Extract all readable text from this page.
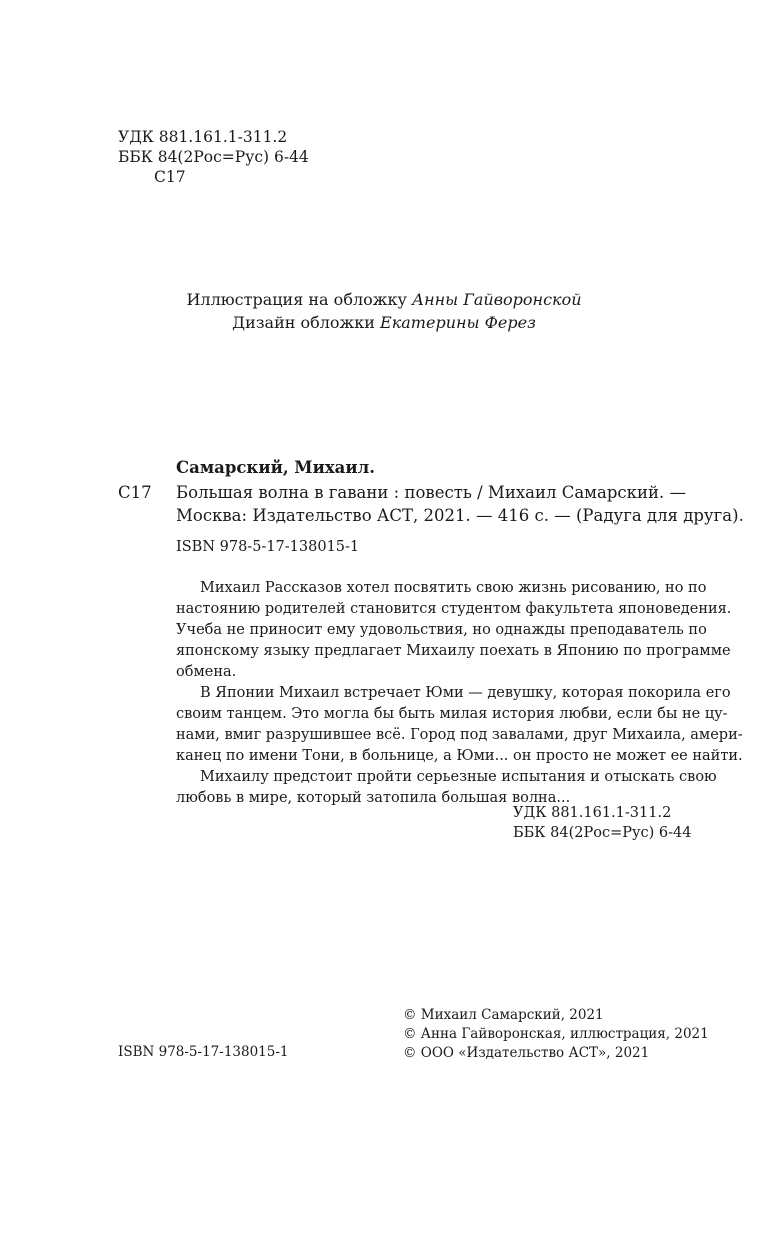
УДК 881.161.1-311.2
ББК 84(2Рос=Рус) 6-44
С17
Иллюстрация на обложку Анны Гайворонской
Дизайн обложки Екатерины Ферез
Самарский, Михаил.
С17 Большая волна в гавани : повесть / Михаил Самарский. —
Москва: Издательство АСТ, 2021. — 416 с. — (Радуга для друга).
ISBN 978-5-17-138015-1
Михаил Рассказов хотел посвятить свою жизнь рисованию, но по
настоянию родителей становится студентом факультета японоведения.
Учеба не приносит ему удовольствия, но однажды преподаватель по
японскому языку предлагает Михаилу поехать в Японию по программе
обмена.
В Японии Михаил встречает Юми — девушку, которая покорила его
своим танцем. Это могла бы быть милая история любви, если бы не цу-
нами, вмиг разрушившее всё. Город под завалами, друг Михаила, амери-
канец по имени Тони, в больнице, а Юми... он просто не может ее найти.
Михаилу предстоит пройти серьезные испытания и отыскать свою
любовь в мире, который затопила большая волна...
УДК 881.161.1-311.2
ББК 84(2Рос=Рус) 6-44
ISBN 978-5-17-138015-1
© Михаил Самарский, 2021
© Анна Гайворонская, иллюстрация, 2021
© ООО «Издательство АСТ», 2021
